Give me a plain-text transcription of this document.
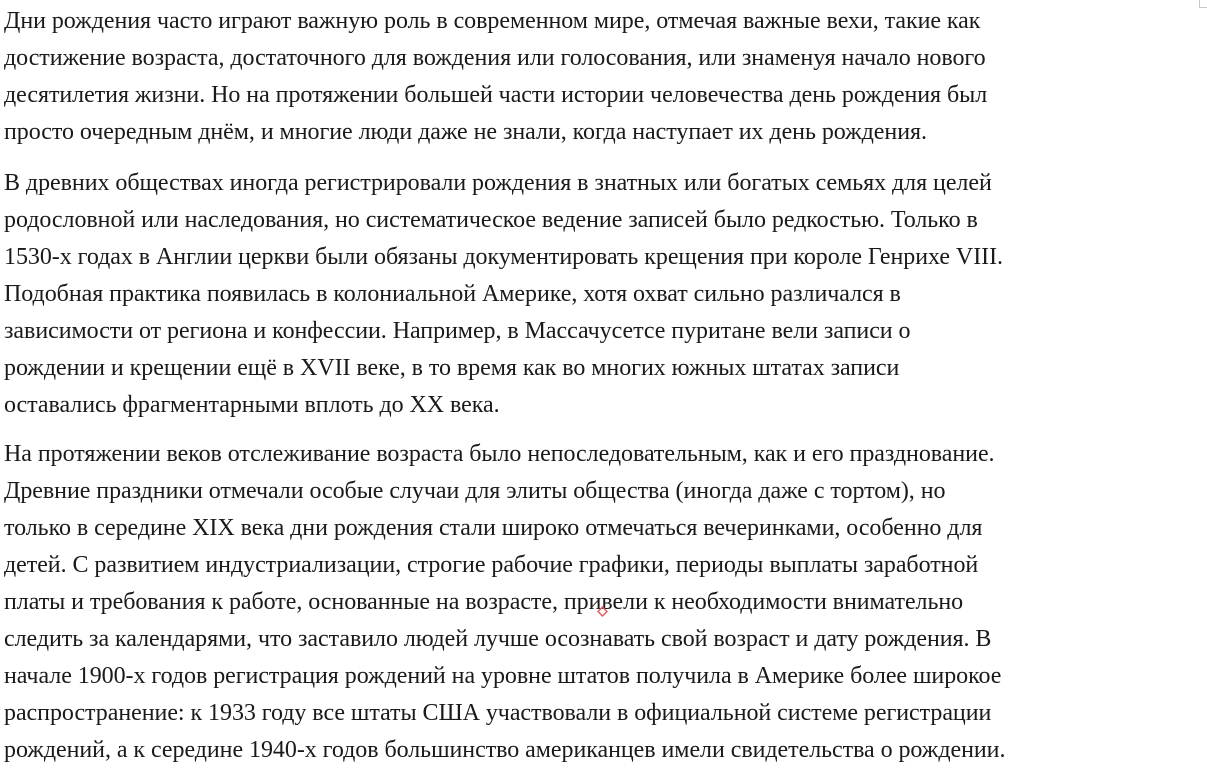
Дни рождения часто играют важную роль в современном мире, отмечая важные вехи, такие как
достижение возраста, достаточного для вождения или голосования, или знаменуя начало нового
десятилетия жизни. Но на протяжении большей части истории человечества день рождения был
просто очередным днём, и многие люди даже не знали, когда наступает их день рождения.

В древних обществах иногда регистрировали рождения в знатных или богатых семьях для целей
родословной или наследования, но систематическое ведение записей было редкостью. Только в
1530-х годах в Англии церкви были обязаны документировать крещения при короле Генрихе VIII.
Подобная практика появилась в колониальной Америке, хотя охват сильно различался в
зависимости от региона и конфессии. Например, в Массачусетсе пуритане вели записи о
рождении и крещении ещё в XVII веке, в то время как во многих южных штатах записи
оставались фрагментарными вплоть до XX века.

На протяжении веков отслеживание возраста было непоследовательным, как и его празднование.
Древние праздники отмечали особые случаи для элиты общества (иногда даже с тортом), но
только в середине XIX века дни рождения стали широко отмечаться вечеринками, особенно для
детей. С развитием индустриализации, строгие рабочие графики, периоды выплаты заработной
платы и требования к работе, основанные на возрасте, привели к необходимости внимательно
следить за календарями, что заставило людей лучше осознавать свой возраст и дату рождения. В
начале 1900-х годов регистрация рождений на уровне штатов получила в Америке более широкое
распространение: к 1933 году все штаты США участвовали в официальной системе регистрации
рождений, а к середине 1940-х годов большинство американцев имели свидетельства о рождении.
